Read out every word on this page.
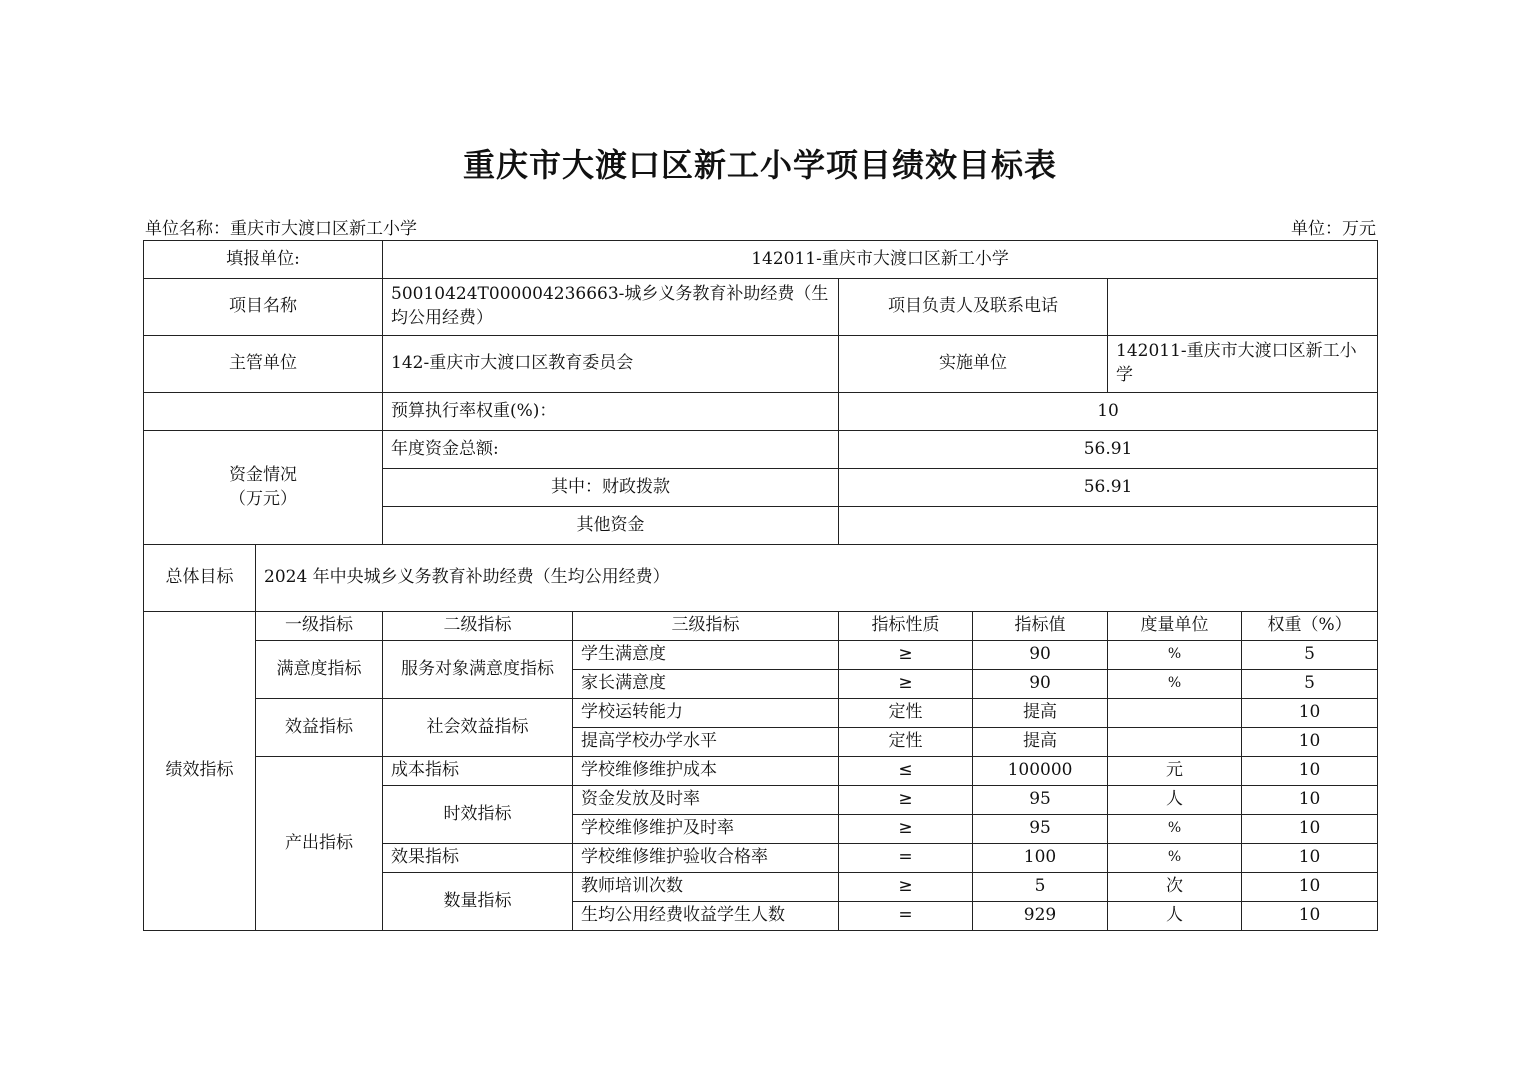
重庆市大渡口区新工小学项目绩效目标表
单位名称：重庆市大渡口区新工小学	单位：万元
填报单位:		142011-重庆市大渡口区新工小学					
项目名称		50010424T000004236663-城乡义务教育补助经费（生均公用经费）		项目负责人及联系电话			
主管单位		142-重庆市大渡口区教育委员会		实施单位		142011-重庆市大渡口区新工小学	
		预算执行率权重(%)：		10			

资金情况
（万元）		年度资金总额:		56.91			
		其中：财政拨款		56.91			
		其他资金					
总体目标	2024 年中央城乡义务教育补助经费（生均公用经费）						
绩效指标	一级指标	二级指标	三级指标	指标性质	指标值	度量单位	权重（%）
	满意度指标	服务对象满意度指标	学生满意度	≥	90	%	5
			家长满意度	≥	90	%	5
	效益指标	社会效益指标	学校运转能力	定性	提高		10
			提高学校办学水平	定性	提高		10
	产出指标	成本指标	学校维修维护成本	≤	100000	元	10
		时效指标	资金发放及时率	≥	95	人	10
			学校维修维护及时率	≥	95	%	10
		效果指标	学校维修维护验收合格率	=	100	%	10
		数量指标	教师培训次数	≥	5	次	10
			生均公用经费收益学生人数	=	929	人	10
